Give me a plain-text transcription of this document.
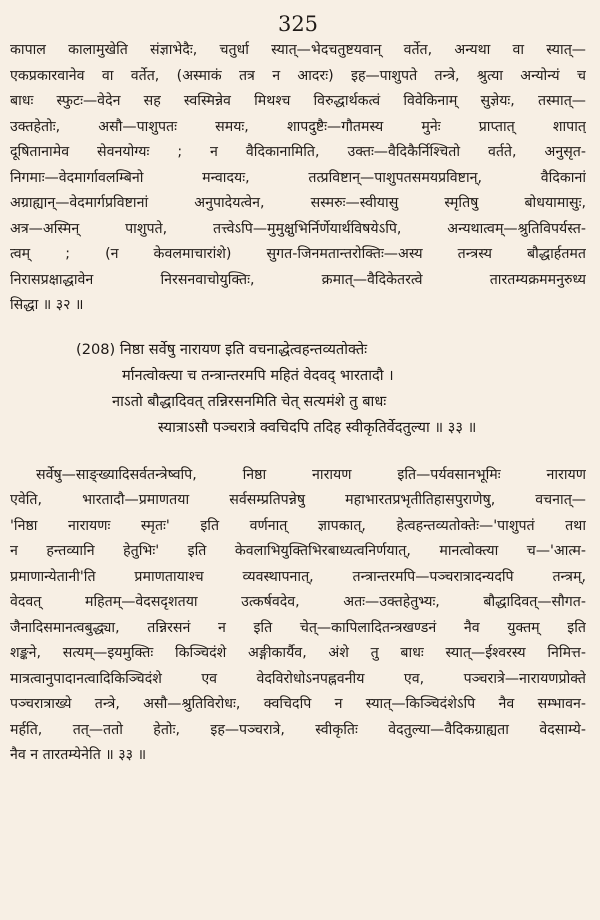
325
कापाल कालामुखेति संज्ञाभेदैः, चतुर्धा स्यात्—भेदचतुष्टयवान् वर्तेत, अन्यथा वा स्यात्—
एकप्रकारवानेव वा वर्तेत, (अस्माकं तत्र न आदरः) इह—पाशुपते तन्त्रे, श्रुत्या अन्योन्यं च
बाधः स्फुटः—वेदेन सह स्वस्मिन्नेव मिथश्च विरुद्धार्थकत्वं विवेकिनाम् सुज्ञेयः, तस्मात्—
उक्तहेतोः, असौ—पाशुपतः समयः, शापदुष्टैः—गौतमस्य मुनेः प्राप्तात् शापात्
दूषितानामेव सेवनयोग्यः ; न वैदिकानामिति, उक्तः—वैदिकैर्निश्चितो वर्तते, अनुसृत-
निगमाः—वेदमार्गावलम्बिनो मन्वादयः, तत्प्रविष्टान्—पाशुपतसमयप्रविष्टान्, वैदिकानां
अग्राह्यान्—वेदमार्गप्रविष्टानां अनुपादेयत्वेन, सस्मरुः—स्वीयासु स्मृतिषु बोधयामासुः,
अत्र—अस्मिन् पाशुपते, तत्त्वेऽपि—मुमुक्षुभिर्निर्णेयार्थविषयेऽपि, अन्यथात्वम्—श्रुतिविपर्यस्त-
त्वम् ; (न केवलमाचारांशे) सुगत-जिनमतान्तरोक्तिः—अस्य तन्त्रस्य बौद्धार्हतमत
निरासप्रक्षाद्धावेन निरसनवाचोयुक्तिः, क्रमात्—वैदिकेतरत्वे तारतम्यक्रममनुरुध्य
सिद्धा ॥ ३२ ॥
(208) निष्ठा सर्वेषु नारायण इति वचनाद्धेत्वहन्तव्यतोक्तेः
र्मानत्वोक्त्या च तन्त्रान्तरमपि महितं वेदवद् भारतादौ ।
नाऽतो बौद्धादिवत् तन्निरसनमिति चेत् सत्यमंशे तु बाधः
स्यात्राऽसौ पञ्चरात्रे क्वचिदपि तदिह स्वीकृतिर्वेदतुल्या ॥ ३३ ॥
सर्वेषु—साङ्ख्यादिसर्वतन्त्रेष्वपि, निष्ठा नारायण इति—पर्यवसानभूमिः नारायण
एवेति, भारतादौ—प्रमाणतया सर्वसम्प्रतिपन्नेषु महाभारतप्रभृतीतिहासपुराणेषु, वचनात्—
'निष्ठा नारायणः स्मृतः' इति वर्णनात् ज्ञापकात्, हेत्वहन्तव्यतोक्तेः—'पाशुपतं तथा
न हन्तव्यानि हेतुभिः' इति केवलाभियुक्तिभिरबाध्यत्वनिर्णयात्, मानत्वोक्त्या च—'आत्म-
प्रमाणान्येतानी'ति प्रमाणतायाश्च व्यवस्थापनात्, तन्त्रान्तरमपि—पञ्चरात्रादन्यदपि तन्त्रम्,
वेदवत् महितम्—वेदसदृशतया उत्कर्षवदेव, अतः—उक्तहेतुभ्यः, बौद्धादिवत्—सौगत-
जैनादिसमानत्वबुद्ध्या, तन्निरसनं न इति चेत्—कापिलादितन्त्रखण्डनं नैव युक्तम् इति
शङ्कने, सत्यम्—इयमुक्तिः किञ्चिदंशे अङ्गीकार्यैव, अंशे तु बाधः स्यात्—ईश्वरस्य निमित्त-
मात्रत्वानुपादानत्वादिकिञ्चिदंशे एव वेदविरोधोऽनपह्नवनीय एव, पञ्चरात्रे—नारायणप्रोक्ते
पञ्चरात्राख्ये तन्त्रे, असौ—श्रुतिविरोधः, क्वचिदपि न स्यात्—किञ्चिदंशेऽपि नैव सम्भावन-
मर्हति, तत्—ततो हेतोः, इह—पञ्चरात्रे, स्वीकृतिः वेदतुल्या—वैदिकग्राह्यता वेदसाम्ये-
नैव न तारतम्येनेति ॥ ३३ ॥
